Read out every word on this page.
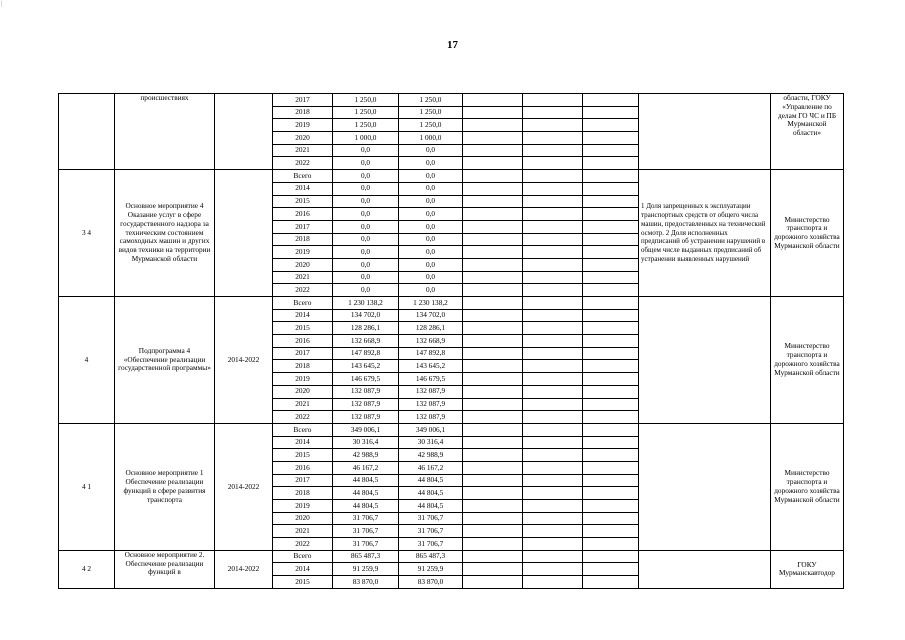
|
17
	происшествиях		2017	1 250,0	1 250,0					области, ГОКУ «Управление по делам ГО ЧС и ПБ Мурманской области»
			2018	1 250,0	1 250,0					
			2019	1 250,0	1 250,0					
			2020	1 000,0	1 000,0					
			2021	0,0	0,0					
			2022	0,0	0,0					
3 4	Основное мероприятие 4 Оказание услуг в сфере государственного надзора за техническим состоянием самоходных машин и других видов техники на территории Мурманской области		Всего	0,0	0,0				1 Доля запрещенных к эксплуатации транспортных средств от общего числа машин, предоставленных на технический осмотр. 2 Доля исполненных предписаний об устранении нарушений в общем числе выданных предписаний об устранении выявленных нарушений	Министерство транспорта и дорожного хозяйства Мурманской области
			2014	0,0	0,0					
			2015	0,0	0,0					
			2016	0,0	0,0					
			2017	0,0	0,0					
			2018	0,0	0,0					
			2019	0,0	0,0					
			2020	0,0	0,0					
			2021	0,0	0,0					
			2022	0,0	0,0					
4	Подпрограмма 4 «Обеспечение реализации государственной программы»	2014-2022	Всего	1 230 138,2	1 230 138,2					Министерство транспорта и дорожного хозяйства Мурманской области
			2014	134 702,0	134 702,0					
			2015	128 286,1	128 286,1					
			2016	132 668,9	132 668,9					
			2017	147 892,8	147 892,8					
			2018	143 645,2	143 645,2					
			2019	146 679,5	146 679,5					
			2020	132 087,9	132 087,9					
			2021	132 087,9	132 087,9					
			2022	132 087,9	132 087,9					
4 1	Основное мероприятие 1 Обеспечение реализации функций в сфере развития транспорта	2014-2022	Всего	349 006,1	349 006,1					Министерство транспорта и дорожного хозяйства Мурманской области
			2014	30 316,4	30 316,4					
			2015	42 988,9	42 988,9					
			2016	46 167,2	46 167,2					
			2017	44 804,5	44 804,5					
			2018	44 804,5	44 804,5					
			2019	44 804,5	44 804,5					
			2020	31 706,7	31 706,7					
			2021	31 706,7	31 706,7					
			2022	31 706,7	31 706,7					
4 2	Основное мероприятие 2. Обеспечение реализации функций в	2014-2022	Всего	865 487,3	865 487,3					ГОКУ Мурманскавтодор
			2014	91 259,9	91 259,9					
			2015	83 870,0	83 870,0					
